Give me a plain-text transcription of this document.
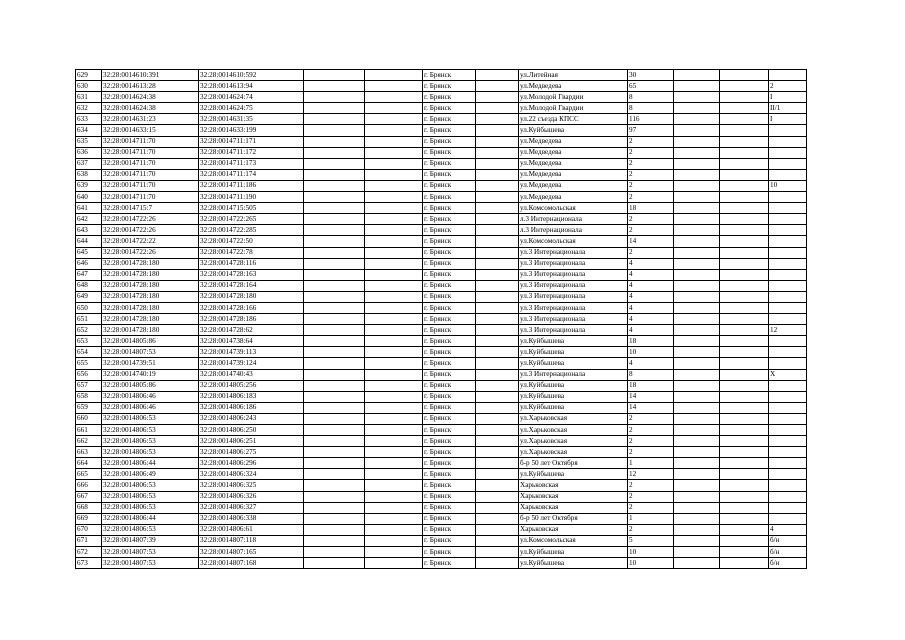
629	32:28:0014610:391	32:28:0014610:592			г. Брянск		ул.Литейная	30			
630	32:28:0014613:28	32:28:0014613:94			г. Брянск		ул.Медведева	65			2
631	32:28:0014624:38	32:28:0014624:74			г. Брянск		ул.Молодой Гвардии	8			I
632	32:28:0014624:38	32:28:0014624:75			г. Брянск		ул.Молодой Гвардии	8			II/1
633	32:28:0014631:23	32:28:0014631:35			г. Брянск		ул.22 съезда КПСС	116			I
634	32:28:0014633:15	32:28:0014633:199			г. Брянск		ул.Куйбышева	97			
635	32:28:0014711:70	32:28:0014711:171			г. Брянск		ул.Медведева	2			
636	32:28:0014711:70	32:28:0014711:172			г. Брянск		ул.Медведева	2			
637	32:28:0014711:70	32:28:0014711:173			г. Брянск		ул.Медведева	2			
638	32:28:0014711:70	32:28:0014711:174			г. Брянск		ул.Медведева	2			
639	32:28:0014711:70	32:28:0014711:186			г. Брянск		ул.Медведева	2			10
640	32:28:0014711:70	32:28:0014711:190			г. Брянск		ул.Медведева	2			
641	32:28:0014715:7	32:28:0014715:505			г. Брянск		ул.Комсомольская	18			
642	32:28:0014722:26	32:28:0014722:265			г. Брянск		л.3 Интернационала	2			
643	32:28:0014722:26	32:28:0014722:285			г. Брянск		л.3 Интернационала	2			
644	32:28:0014722:22	32:28:0014722:50			г. Брянск		ул.Комсомольская	14			
645	32:28:0014722:26	32:28:0014722:78			г. Брянск		ул.3 Интернационала	2			
646	32:28:0014728:180	32:28:0014728:116			г. Брянск		ул.3 Интернационала	4			
647	32:28:0014728:180	32:28:0014728:163			г. Брянск		ул.3 Интернационала	4			
648	32:28:0014728:180	32:28:0014728:164			г. Брянск		ул.3 Интернационала	4			
649	32:28:0014728:180	32:28:0014728:180			г. Брянск		ул.3 Интернационала	4			
650	32:28:0014728:180	32:28:0014728:166			г. Брянск		ул.3 Интернационала	4			
651	32:28:0014728:180	32:28:0014728:186			г. Брянск		ул.3 Интернационала	4			
652	32:28:0014728:180	32:28:0014728:62			г. Брянск		ул.3 Интернационала	4			12
653	32:28:0014805:86	32:28:0014738:64			г. Брянск		ул.Куйбышева	18			
654	32:28:0014807:53	32:28:0014739:113			г. Брянск		ул.Куйбышева	10			
655	32:28:0014739:51	32:28:0014739:124			г. Брянск		ул.Куйбышева	4			
656	32:28:0014740:19	32:28:0014740:43			г. Брянск		ул.3 Интернационала	8			X
657	32:28:0014805:86	32:28:0014805:256			г. Брянск		ул.Куйбышева	18			
658	32:28:0014806:46	32:28:0014806:183			г. Брянск		ул.Куйбышева	14			
659	32:28:0014806:46	32:28:0014806:186			г. Брянск		ул.Куйбышева	14			
660	32:28:0014806:53	32:28:0014806:243			г. Брянск		ул.Харьковская	2			
661	32:28:0014806:53	32:28:0014806:250			г. Брянск		ул.Харьковская	2			
662	32:28:0014806:53	32:28:0014806:251			г. Брянск		ул.Харьковская	2			
663	32:28:0014806:53	32:28:0014806:275			г. Брянск		ул.Харьковская	2			
664	32:28:0014806:44	32:28:0014806:296			г. Брянск		б-р 50 лет Октября	1			
665	32:28:0014806:49	32:28:0014806:324			г. Брянск		ул.Куйбышева	12			
666	32:28:0014806:53	32:28:0014806:325			г. Брянск		Харьковская	2			
667	32:28:0014806:53	32:28:0014806:326			г. Брянск		Харьковская	2			
668	32:28:0014806:53	32:28:0014806:327			г. Брянск		Харьковская	2			
669	32:28:0014806:44	32:28:0014806:338			г. Брянск		б-р 50 лет Октября	1			
670	32:28:0014806:53	32:28:0014806:61			г. Брянск		Харьковская	2			4
671	32:28:0014807:39	32:28:0014807:118			г. Брянск		ул.Комсомольская	5			б/н
672	32:28:0014807:53	32:28:0014807:165			г. Брянск		ул.Куйбышева	10			б/н
673	32:28:0014807:53	32:28:0014807:168			г. Брянск		ул.Куйбышева	10			б/н
